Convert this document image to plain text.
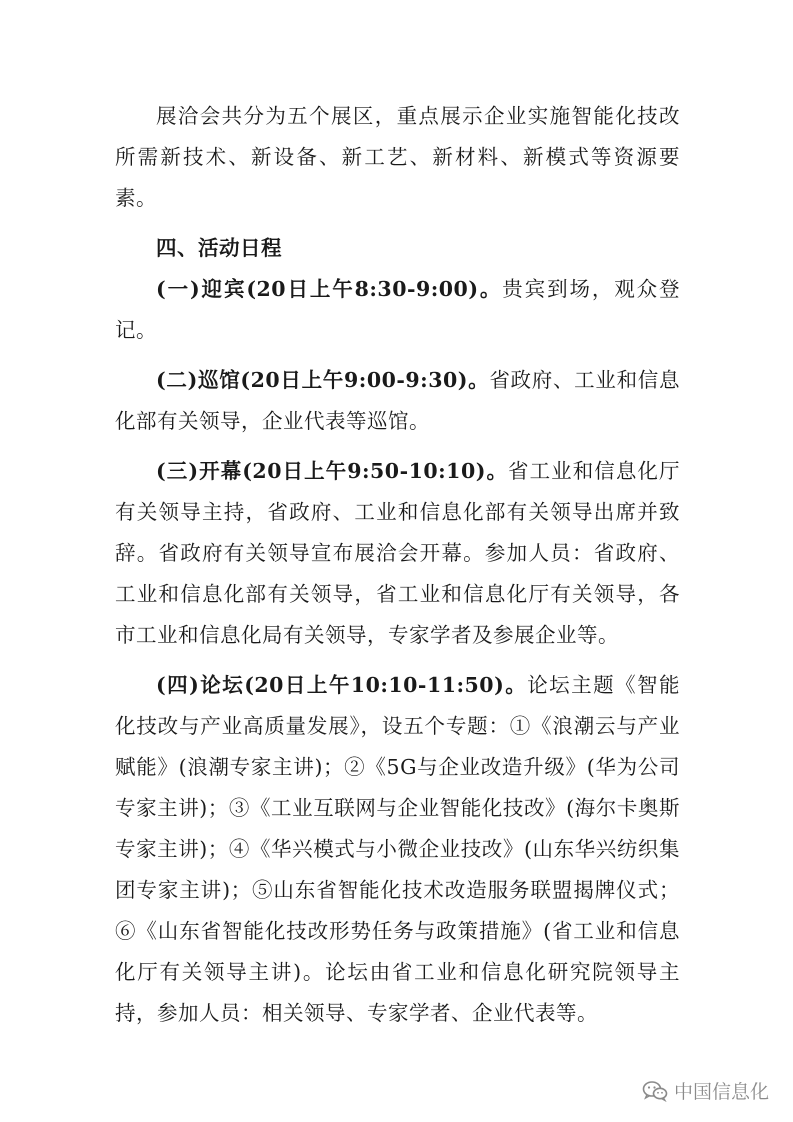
展洽会共分为五个展区，重点展示企业实施智能化技改所需新技术、新设备、新工艺、新材料、新模式等资源要素。

四、活动日程

(一)迎宾(20日上午8:30-9:00)。贵宾到场，观众登记。

(二)巡馆(20日上午9:00-9:30)。省政府、工业和信息化部有关领导，企业代表等巡馆。

(三)开幕(20日上午9:50-10:10)。省工业和信息化厅有关领导主持，省政府、工业和信息化部有关领导出席并致辞。省政府有关领导宣布展洽会开幕。参加人员：省政府、工业和信息化部有关领导，省工业和信息化厅有关领导，各市工业和信息化局有关领导，专家学者及参展企业等。

(四)论坛(20日上午10:10-11:50)。论坛主题《智能化技改与产业高质量发展》，设五个专题：①《浪潮云与产业赋能》(浪潮专家主讲)；②《5G与企业改造升级》(华为公司专家主讲)；③《工业互联网与企业智能化技改》(海尔卡奥斯专家主讲)；④《华兴模式与小微企业技改》(山东华兴纺织集团专家主讲)；⑤山东省智能化技术改造服务联盟揭牌仪式；⑥《山东省智能化技改形势任务与政策措施》(省工业和信息化厅有关领导主讲)。论坛由省工业和信息化研究院领导主持，参加人员：相关领导、专家学者、企业代表等。

中国信息化
